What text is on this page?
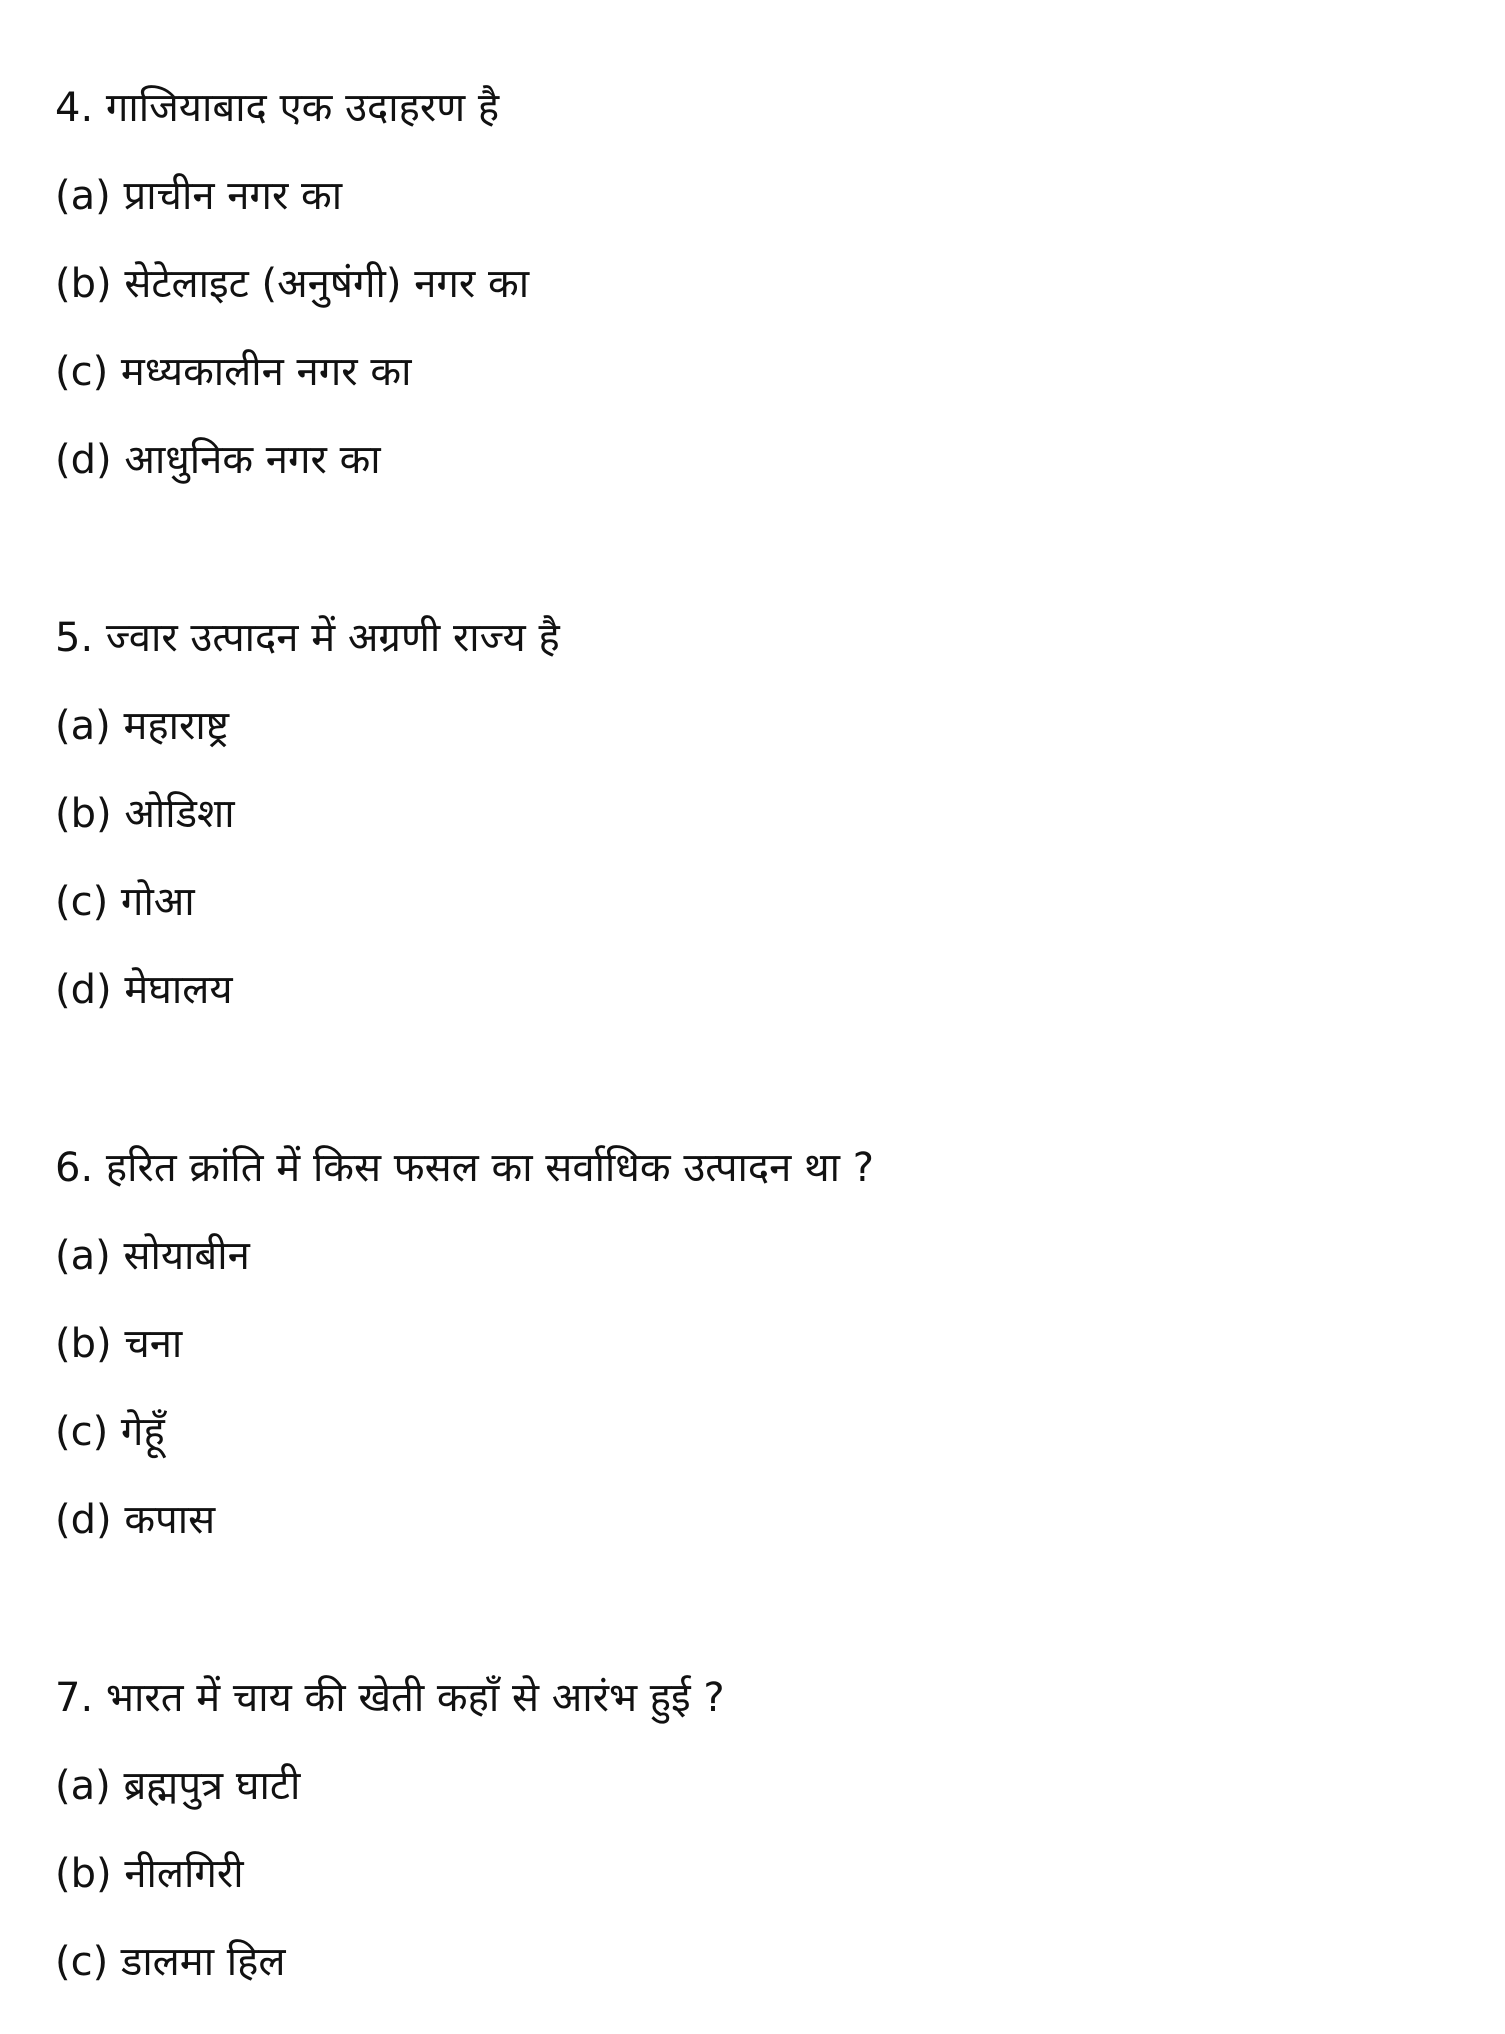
4. गाजियाबाद एक उदाहरण है
(a) प्राचीन नगर का
(b) सेटेलाइट (अनुषंगी) नगर का
(c) मध्यकालीन नगर का
(d) आधुनिक नगर का
5. ज्वार उत्पादन में अग्रणी राज्य है
(a) महाराष्ट्र
(b) ओडिशा
(c) गोआ
(d) मेघालय
6. हरित क्रांति में किस फसल का सर्वाधिक उत्पादन था ?
(a) सोयाबीन
(b) चना
(c) गेहूँ
(d) कपास
7. भारत में चाय की खेती कहाँ से आरंभ हुई ?
(a) ब्रह्मपुत्र घाटी
(b) नीलगिरी
(c) डालमा हिल
